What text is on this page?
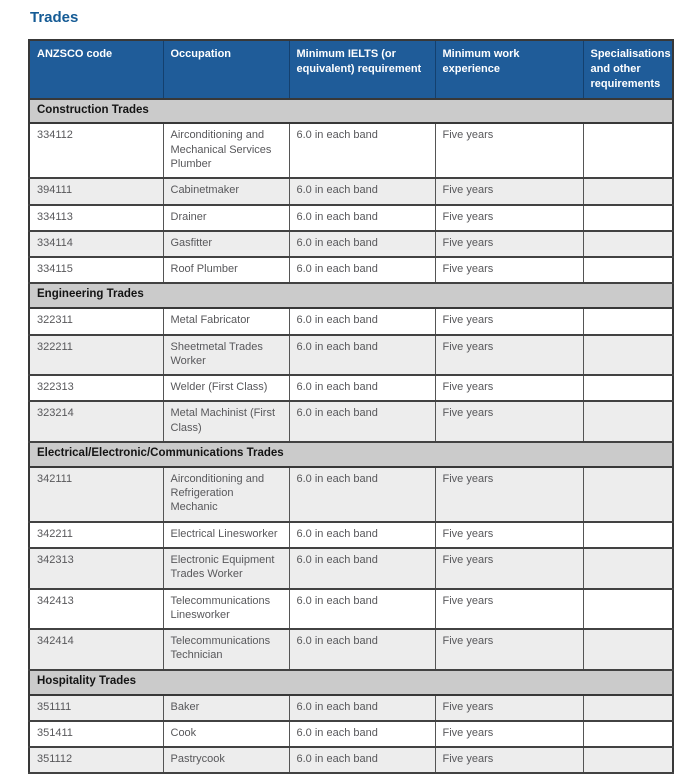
Trades
ANZSCO code	Occupation	Minimum IELTS (or equivalent) requirement	Minimum work experience	Specialisations and other requirements
Construction Trades				
334112	Airconditioning and Mechanical Services Plumber	6.0 in each band	Five years	
394111	Cabinetmaker	6.0 in each band	Five years	
334113	Drainer	6.0 in each band	Five years	
334114	Gasfitter	6.0 in each band	Five years	
334115	Roof Plumber	6.0 in each band	Five years	
Engineering Trades				
322311	Metal Fabricator	6.0 in each band	Five years	
322211	Sheetmetal Trades Worker	6.0 in each band	Five years	
322313	Welder (First Class)	6.0 in each band	Five years	
323214	Metal Machinist (First Class)	6.0 in each band	Five years	
Electrical/Electronic/Communications Trades				
342111	Airconditioning and Refrigeration Mechanic	6.0 in each band	Five years	
342211	Electrical Linesworker	6.0 in each band	Five years	
342313	Electronic Equipment Trades Worker	6.0 in each band	Five years	
342413	Telecommunications Linesworker	6.0 in each band	Five years	
342414	Telecommunications Technician	6.0 in each band	Five years	
Hospitality Trades				
351111	Baker	6.0 in each band	Five years	
351411	Cook	6.0 in each band	Five years	
351112	Pastrycook	6.0 in each band	Five years	
